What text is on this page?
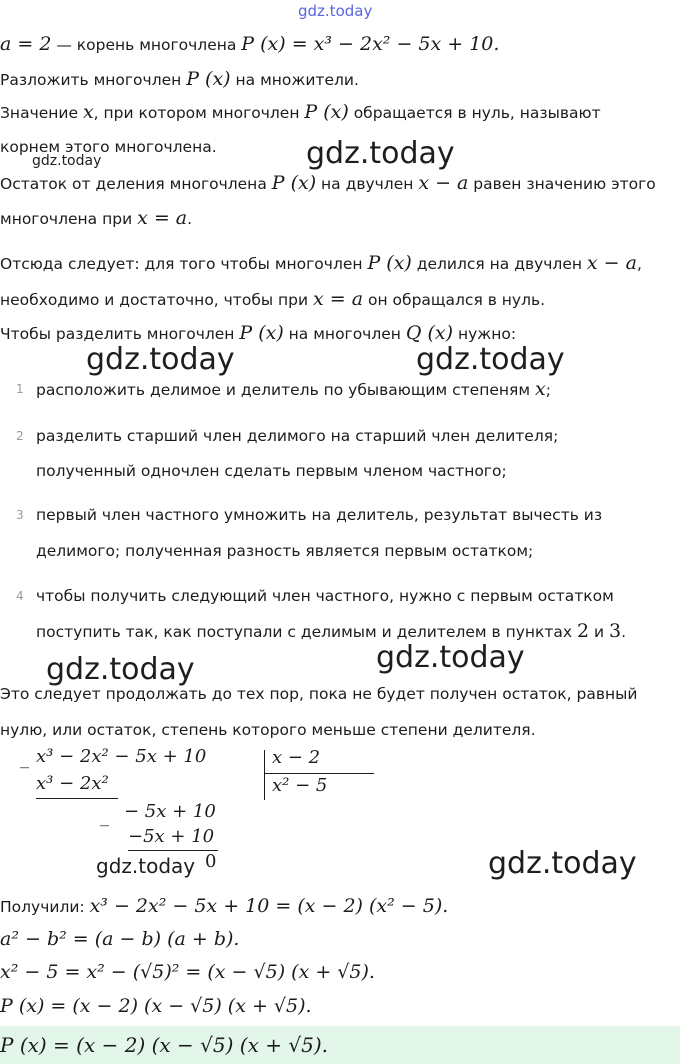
gdz.today
a = 2 — корень многочлена P (x) = x³ − 2x² − 5x + 10.
Разложить многочлен P (x) на множители.
Значение x, при котором многочлен P (x) обращается в нуль, называют
корнем этого многочлена.
gdz.today	gdz.today
Остаток от деления многочлена P (x) на двучлен x − a равен значению этого
многочлена при x = a.
Отсюда следует: для того чтобы многочлен P (x) делился на двучлен x − a,
необходимо и достаточно, чтобы при x = a он обращался в нуль.
Чтобы разделить многочлен P (x) на многочлен Q (x) нужно:
gdz.today	gdz.today
1 расположить делимое и делитель по убывающим степеням x;
2 разделить старший член делимого на старший член делителя;
полученный одночлен сделать первым членом частного;
3 первый член частного умножить на делитель, результат вычесть из
делимого; полученная разность является первым остатком;
4 чтобы получить следующий член частного, нужно с первым остатком
поступить так, как поступали с делимым и делителем в пунктах 2 и 3.
gdz.today	gdz.today
Это следует продолжать до тех пор, пока не будет получен остаток, равный
нулю, или остаток, степень которого меньше степени делителя.
_ x³ − 2x² − 5x + 10
x³ − 2x²
_ − 5x + 10
−5x + 10
0
x − 2
x² − 5
gdz.today	gdz.today
Получили: x³ − 2x² − 5x + 10 = (x − 2) (x² − 5).
a² − b² = (a − b) (a + b).
x² − 5 = x² − (√5)² = (x − √5) (x + √5).
P (x) = (x − 2) (x − √5) (x + √5).
P (x) = (x − 2) (x − √5) (x + √5).
